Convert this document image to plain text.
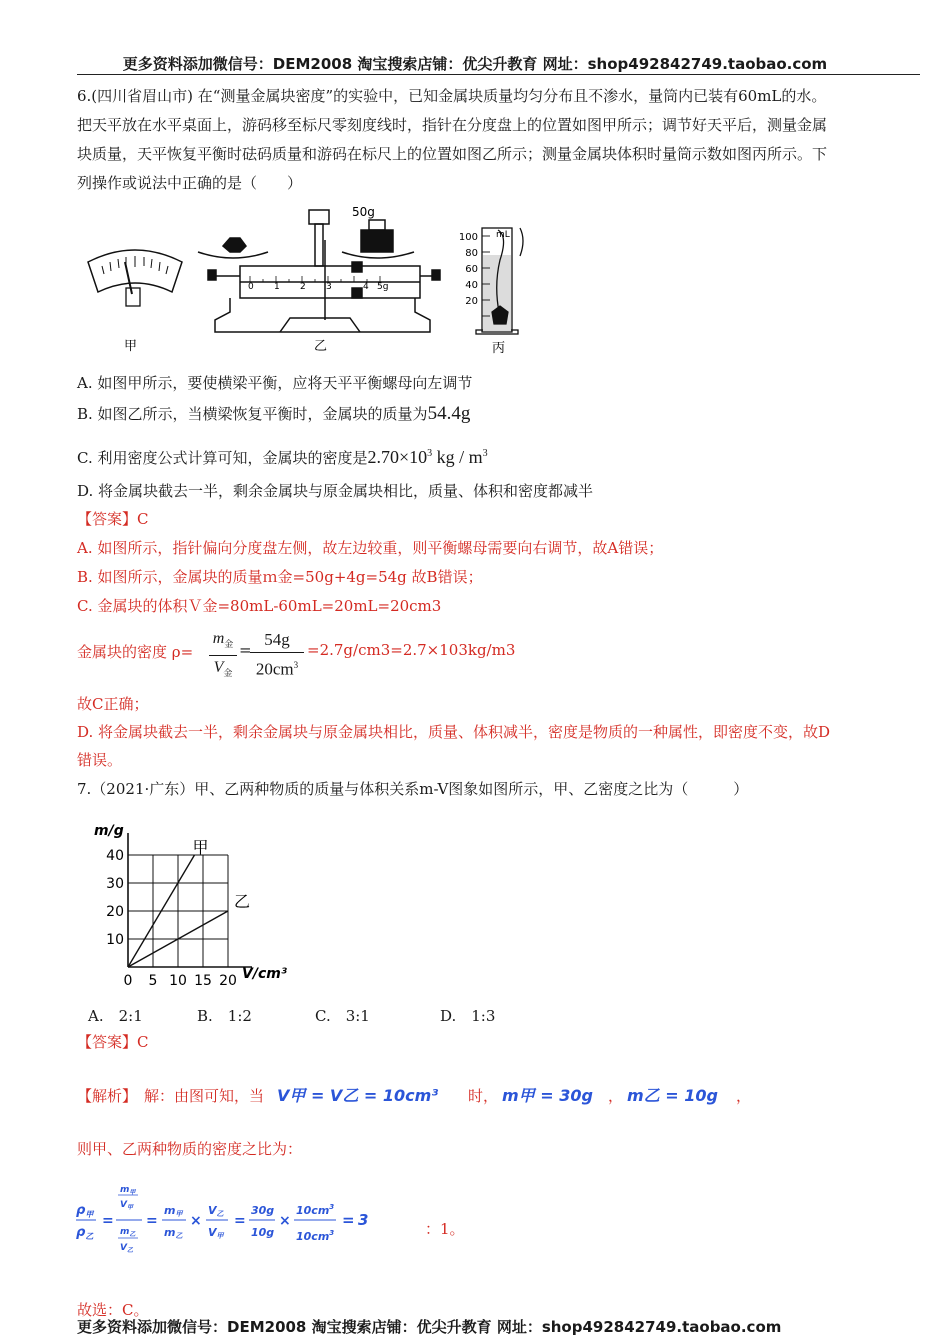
更多资料添加微信号：DEM2008 淘宝搜索店铺：优尖升教育 网址：shop492842749.taobao.com
6.(四川省眉山市) 在“测量金属块密度”的实验中，已知金属块质量均匀分布且不渗水，量筒内已装有60mL的水。
把天平放在水平桌面上，游码移至标尺零刻度线时，指针在分度盘上的位置如图甲所示；调节好天平后，测量金属
块质量，天平恢复平衡时砝码质量和游码在标尺上的位置如图乙所示；测量金属块体积时量筒示数如图丙所示。下
列操作或说法中正确的是（　　）
甲
50g
0 1 2 3	4 5g
乙
mL
100
80
60
40
20
丙
A. 如图甲所示，要使横梁平衡，应将天平平衡螺母向左调节
B. 如图乙所示，当横梁恢复平衡时，金属块的质量为54.4g
C. 利用密度公式计算可知，金属块的密度是$2.70\times 10^3$ kg / $m^3$
D. 将金属块截去一半，剩余金属块与原金属块相比，质量、体积和密度都减半
【答案】C
A. 如图所示，指针偏向分度盘左侧，故左边较重，则平衡螺母需要向右调节，故A错误；
B. 如图所示，金属块的质量ｍ金=50g+4g=54g 故B错误；
C. 金属块的体积Ｖ金=80mL-60mL=20mL=20cm3
金属块的密度 ρ=
$m_金$
$V_金$
=
54g
$20cm^3$
=2.7g/cm3=2.7×103kg/m3
故C正确；
D. 将金属块截去一半，剩余金属块与原金属块相比，质量、体积减半，密度是物质的一种属性，即密度不变，故D
错误。
7.（2021·广东）甲、乙两种物质的质量与体积关系m-V图象如图所示，甲、乙密度之比为（　　　）
0 5 10 15 20
10
20
30
40	甲
乙
m/g
V/cm³
A.　2:1	B.　1:2	C.　3:1	D.　1:3
【答案】C
【解析】 解：由图可知，当 V甲 = V乙 = 10cm³ 时， m甲 = 30g ， m乙 = 10g ，
则甲、乙两种物质的密度之比为：
$\rho_甲$
$\rho_乙$
=
$m_甲$
$V_甲$
$m_乙$
$V_乙$
=
m甲
m乙
×
V乙
V甲
=
30g
10g
×
$10cm^3$
$10cm^3$
= 3	：1。
故选：C。
更多资料添加微信号：DEM2008 淘宝搜索店铺：优尖升教育 网址：shop492842749.taobao.com
